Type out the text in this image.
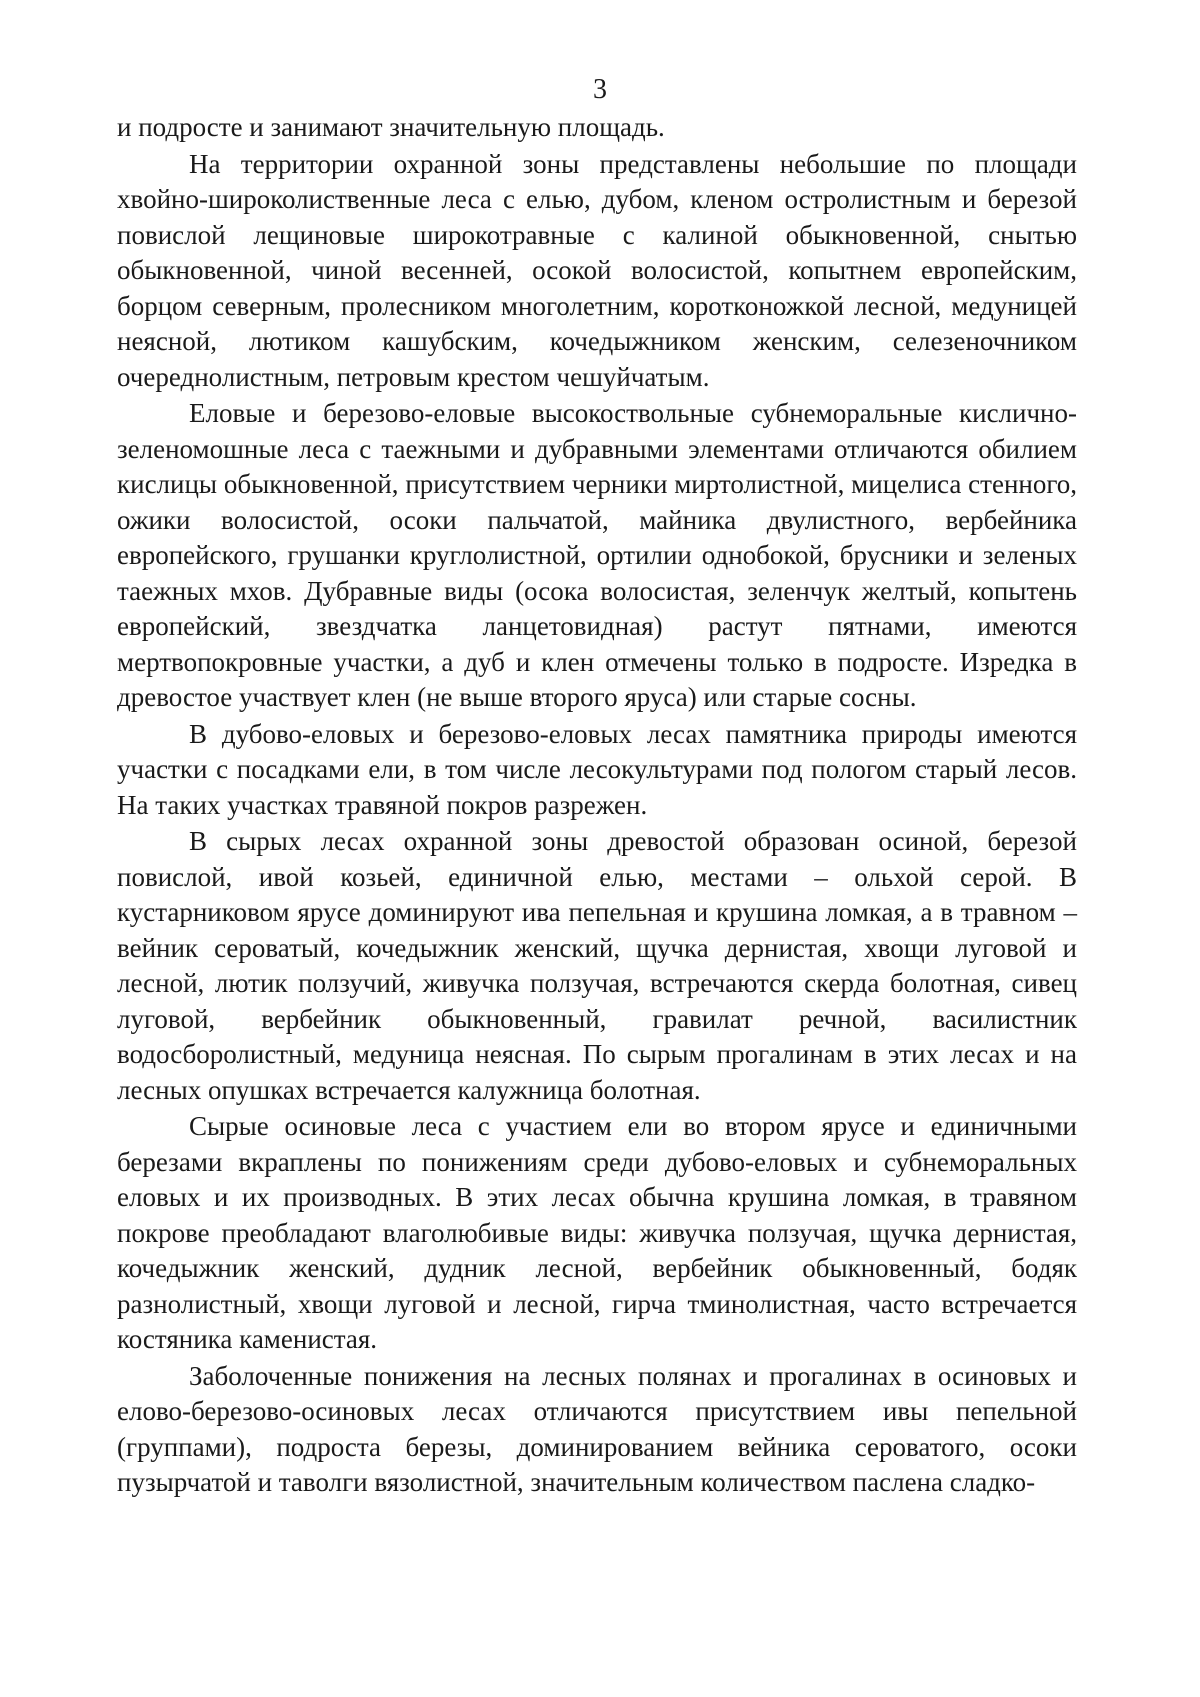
3

и подросте и занимают значительную площадь.

На территории охранной зоны представлены небольшие по площади хвойно-широколиственные леса с елью, дубом, кленом остролистным и березой повислой лещиновые широкотравные с калиной обыкновенной, снытью обыкновенной, чиной весенней, осокой волосистой, копытнем европейским, борцом северным, пролесником многолетним, коротконожкой лесной, медуницей неясной, лютиком кашубским, кочедыжником женским, селезеночником очереднолистным, петровым крестом чешуйчатым.

Еловые и березово-еловые высокоствольные субнеморальные кислично-зеленомошные леса с таежными и дубравными элементами отличаются обилием кислицы обыкновенной, присутствием черники миртолистной, мицелиса стенного, ожики волосистой, осоки пальчатой, майника двулистного, вербейника европейского, грушанки круглолистной, ортилии однобокой, брусники и зеленых таежных мхов. Дубравные виды (осока волосистая, зеленчук желтый, копытень европейский, звездчатка ланцетовидная) растут пятнами, имеются мертвопокровные участки, а дуб и клен отмечены только в подросте. Изредка в древостое участвует клен (не выше второго яруса) или старые сосны.

В дубово-еловых и березово-еловых лесах памятника природы имеются участки с посадками ели, в том числе лесокультурами под пологом старый лесов. На таких участках травяной покров разрежен.

В сырых лесах охранной зоны древостой образован осиной, березой повислой, ивой козьей, единичной елью, местами – ольхой серой. В кустарниковом ярусе доминируют ива пепельная и крушина ломкая, а в травном – вейник сероватый, кочедыжник женский, щучка дернистая, хвощи луговой и лесной, лютик ползучий, живучка ползучая, встречаются скерда болотная, сивец луговой, вербейник обыкновенный, гравилат речной, василистник водосборолистный, медуница неясная. По сырым прогалинам в этих лесах и на лесных опушках встречается калужница болотная.

Сырые осиновые леса с участием ели во втором ярусе и единичными березами вкраплены по понижениям среди дубово-еловых и субнеморальных еловых и их производных. В этих лесах обычна крушина ломкая, в травяном покрове преобладают влаголюбивые виды: живучка ползучая, щучка дернистая, кочедыжник женский, дудник лесной, вербейник обыкновенный, бодяк разнолистный, хвощи луговой и лесной, гирча тминолистная, часто встречается костяника каменистая.

Заболоченные понижения на лесных полянах и прогалинах в осиновых и елово-березово-осиновых лесах отличаются присутствием ивы пепельной (группами), подроста березы, доминированием вейника сероватого, осоки пузырчатой и таволги вязолистной, значительным количеством паслена сладко-
